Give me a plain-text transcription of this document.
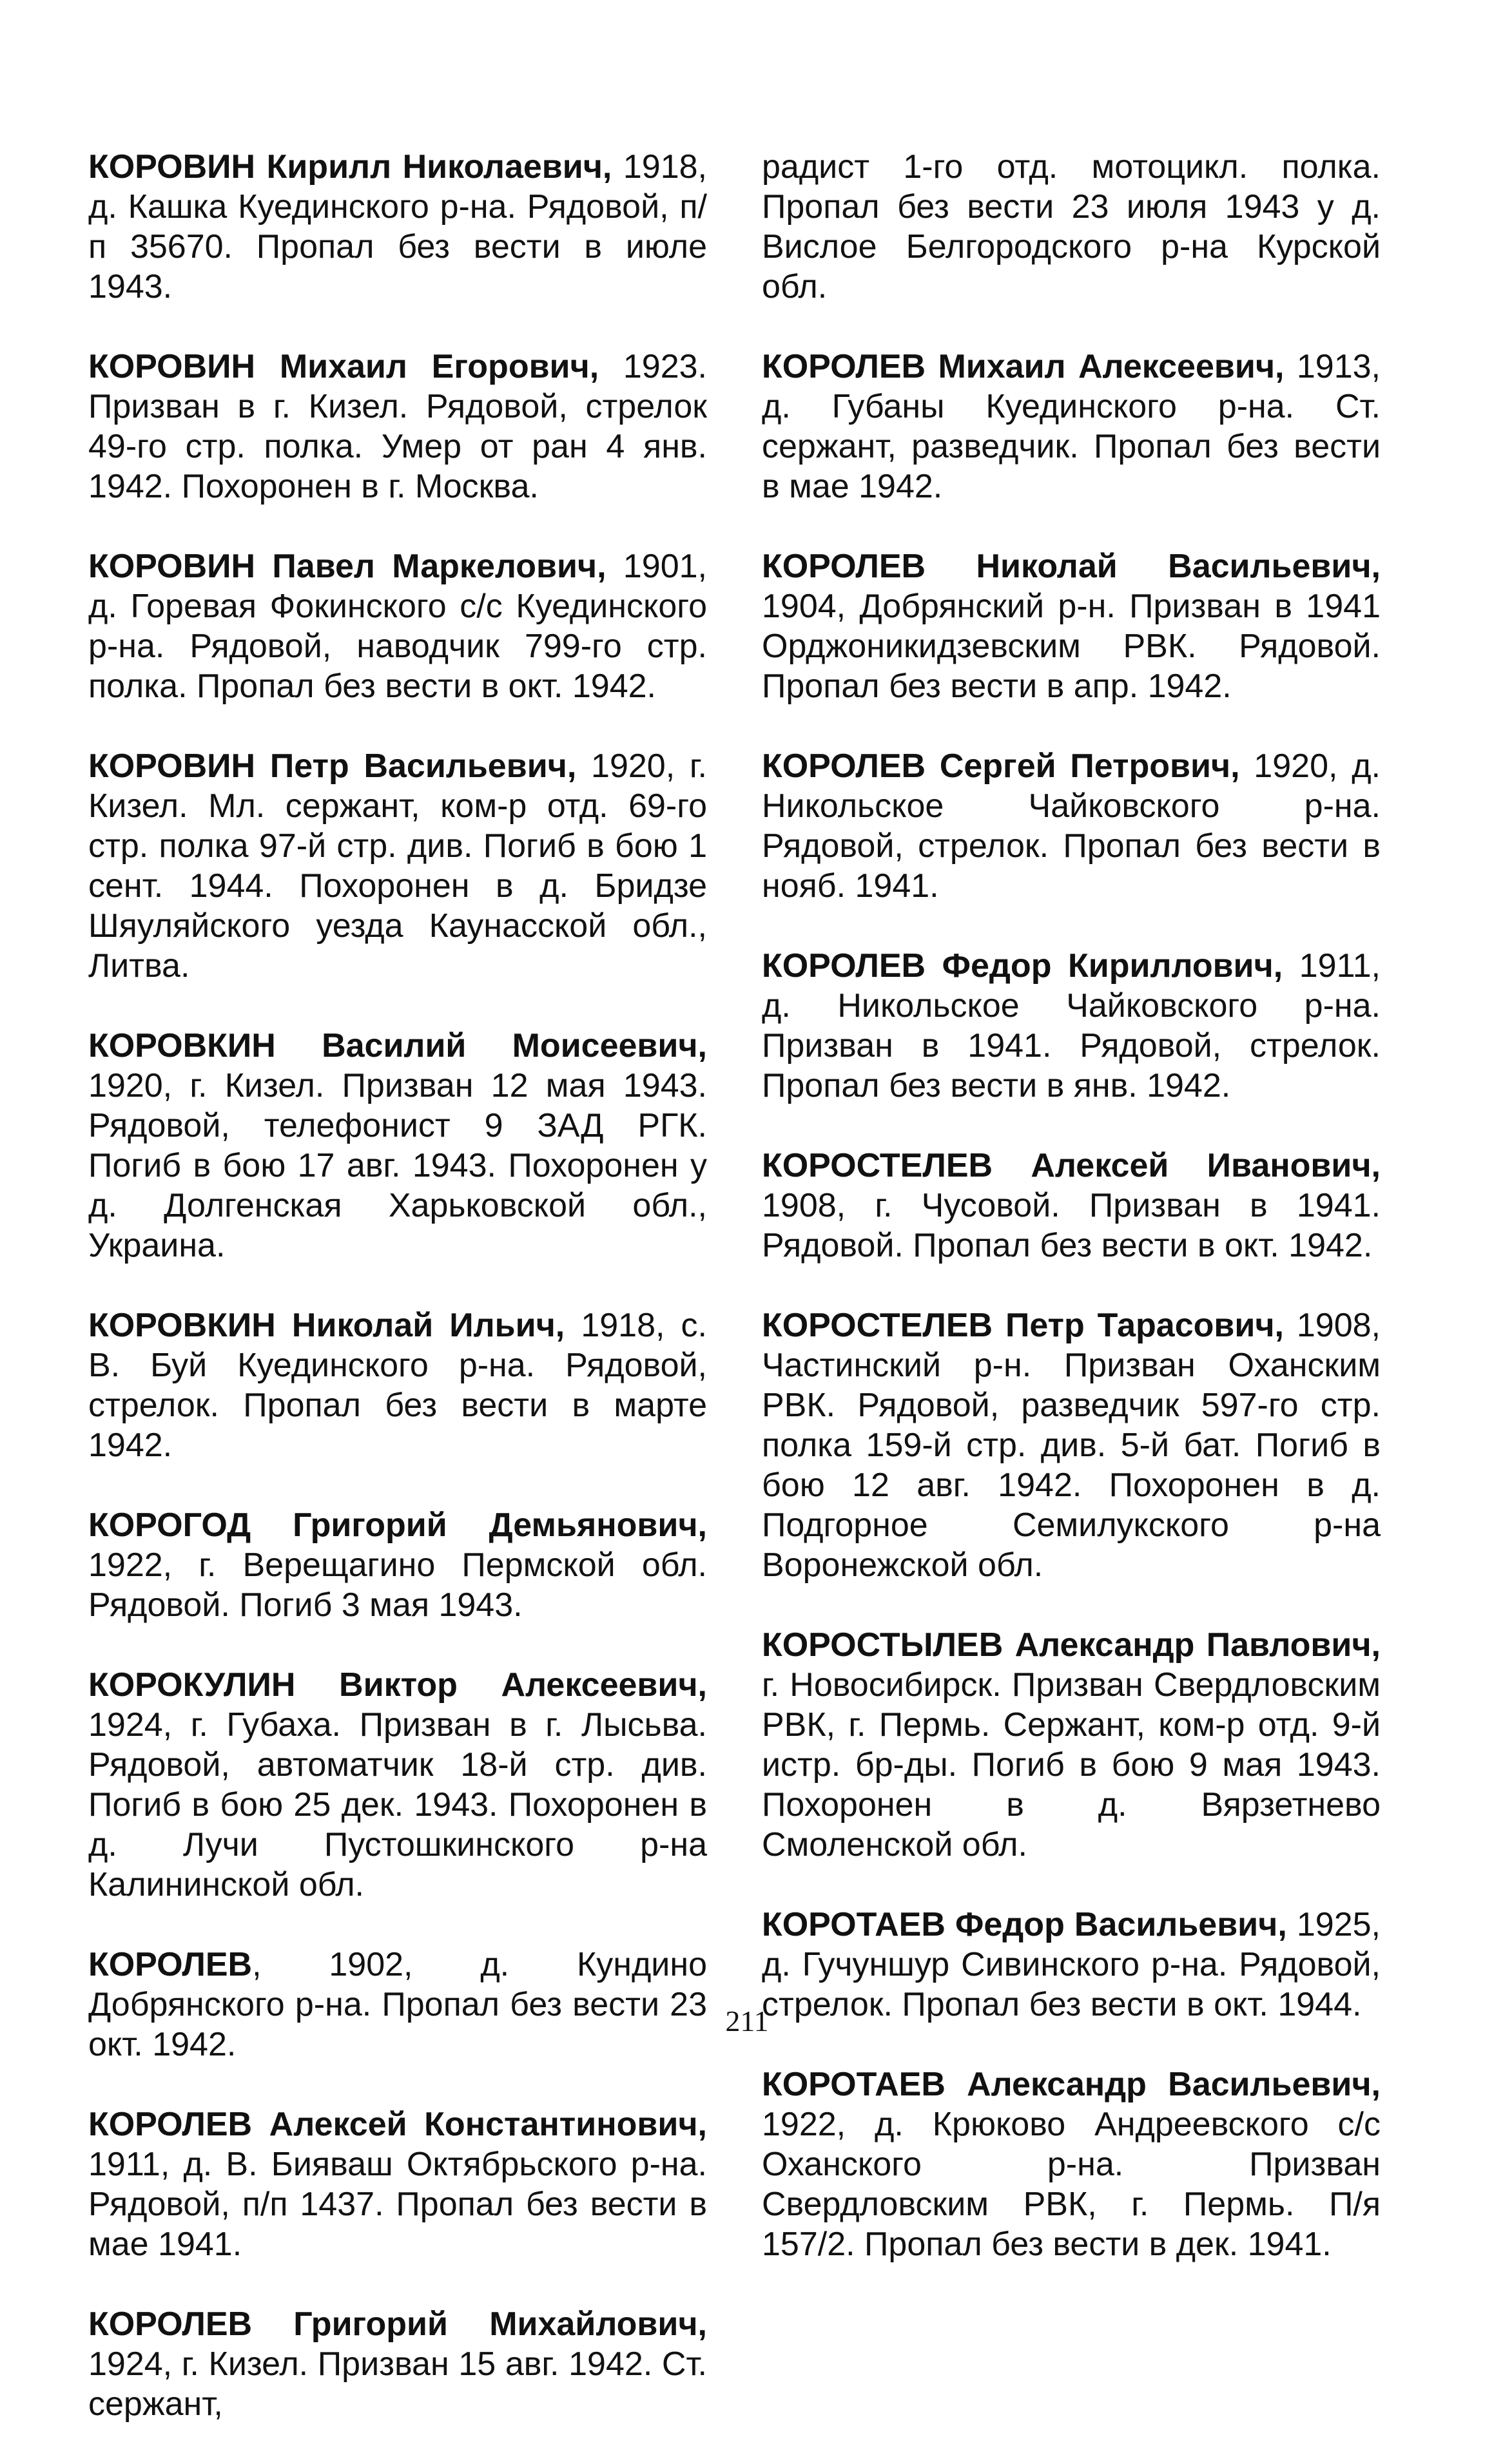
КОРОВИН Кирилл Николаевич, 1918, д. Кашка Куединского р-на. Рядовой, п/п 35670. Пропал без вести в июле 1943.

КОРОВИН Михаил Егорович, 1923. Призван в г. Кизел. Рядовой, стрелок 49-го стр. полка. Умер от ран 4 янв. 1942. Похоронен в г. Москва.

КОРОВИН Павел Маркелович, 1901, д. Горевая Фокинского с/с Куединского р-на. Рядовой, наводчик 799-го стр. полка. Пропал без вести в окт. 1942.

КОРОВИН Петр Васильевич, 1920, г. Кизел. Мл. сержант, ком-р отд. 69-го стр. полка 97-й стр. див. Погиб в бою 1 сент. 1944. Похоронен в д. Бридзе Шяуляйского уезда Каунасской обл., Литва.

КОРОВКИН Василий Моисеевич, 1920, г. Кизел. Призван 12 мая 1943. Рядовой, телефонист 9 ЗАД РГК. Погиб в бою 17 авг. 1943. Похоронен у д. Долгенская Харьковской обл., Украина.

КОРОВКИН Николай Ильич, 1918, с. В. Буй Куединского р-на. Рядовой, стрелок. Пропал без вести в марте 1942.

КОРОГОД Григорий Демьянович, 1922, г. Верещагино Пермской обл. Рядовой. Погиб 3 мая 1943.

КОРОКУЛИН Виктор Алексеевич, 1924, г. Губаха. Призван в г. Лысьва. Рядовой, автоматчик 18-й стр. див. Погиб в бою 25 дек. 1943. Похоронен в д. Лучи Пустошкинского р-на Калининской обл.

КОРОЛЕВ, 1902, д. Кундино Добрянского р-на. Пропал без вести 23 окт. 1942.

КОРОЛЕВ Алексей Константинович, 1911, д. В. Бияваш Октябрьского р-на. Рядовой, п/п 1437. Пропал без вести в мае 1941.

КОРОЛЕВ Григорий Михайлович, 1924, г. Кизел. Призван 15 авг. 1942. Ст. сержант,

радист 1-го отд. мотоцикл. полка. Пропал без вести 23 июля 1943 у д. Вислое Белгородского р-на Курской обл.

КОРОЛЕВ Михаил Алексеевич, 1913, д. Губаны Куединского р-на. Ст. сержант, разведчик. Пропал без вести в мае 1942.

КОРОЛЕВ Николай Васильевич, 1904, Добрянский р-н. Призван в 1941 Орджоникидзевским РВК. Рядовой. Пропал без вести в апр. 1942.

КОРОЛЕВ Сергей Петрович, 1920, д. Никольское Чайковского р-на. Рядовой, стрелок. Пропал без вести в нояб. 1941.

КОРОЛЕВ Федор Кириллович, 1911, д. Никольское Чайковского р-на. Призван в 1941. Рядовой, стрелок. Пропал без вести в янв. 1942.

КОРОСТЕЛЕВ Алексей Иванович, 1908, г. Чусовой. Призван в 1941. Рядовой. Пропал без вести в окт. 1942.

КОРОСТЕЛЕВ Петр Тарасович, 1908, Частинский р-н. Призван Оханским РВК. Рядовой, разведчик 597-го стр. полка 159-й стр. див. 5-й бат. Погиб в бою 12 авг. 1942. Похоронен в д. Подгорное Семилукского р-на Воронежской обл.

КОРОСТЫЛЕВ Александр Павлович, г. Новосибирск. Призван Свердловским РВК, г. Пермь. Сержант, ком-р отд. 9-й истр. бр-ды. Погиб в бою 9 мая 1943. Похоронен в д. Вярзетнево Смоленской обл.

КОРОТАЕВ Федор Васильевич, 1925, д. Гучуншур Сивинского р-на. Рядовой, стрелок. Пропал без вести в окт. 1944.

КОРОТАЕВ Александр Васильевич, 1922, д. Крюково Андреевского с/с Оханского р-на. Призван Свердловским РВК, г. Пермь. П/я 157/2. Пропал без вести в дек. 1941.

211
